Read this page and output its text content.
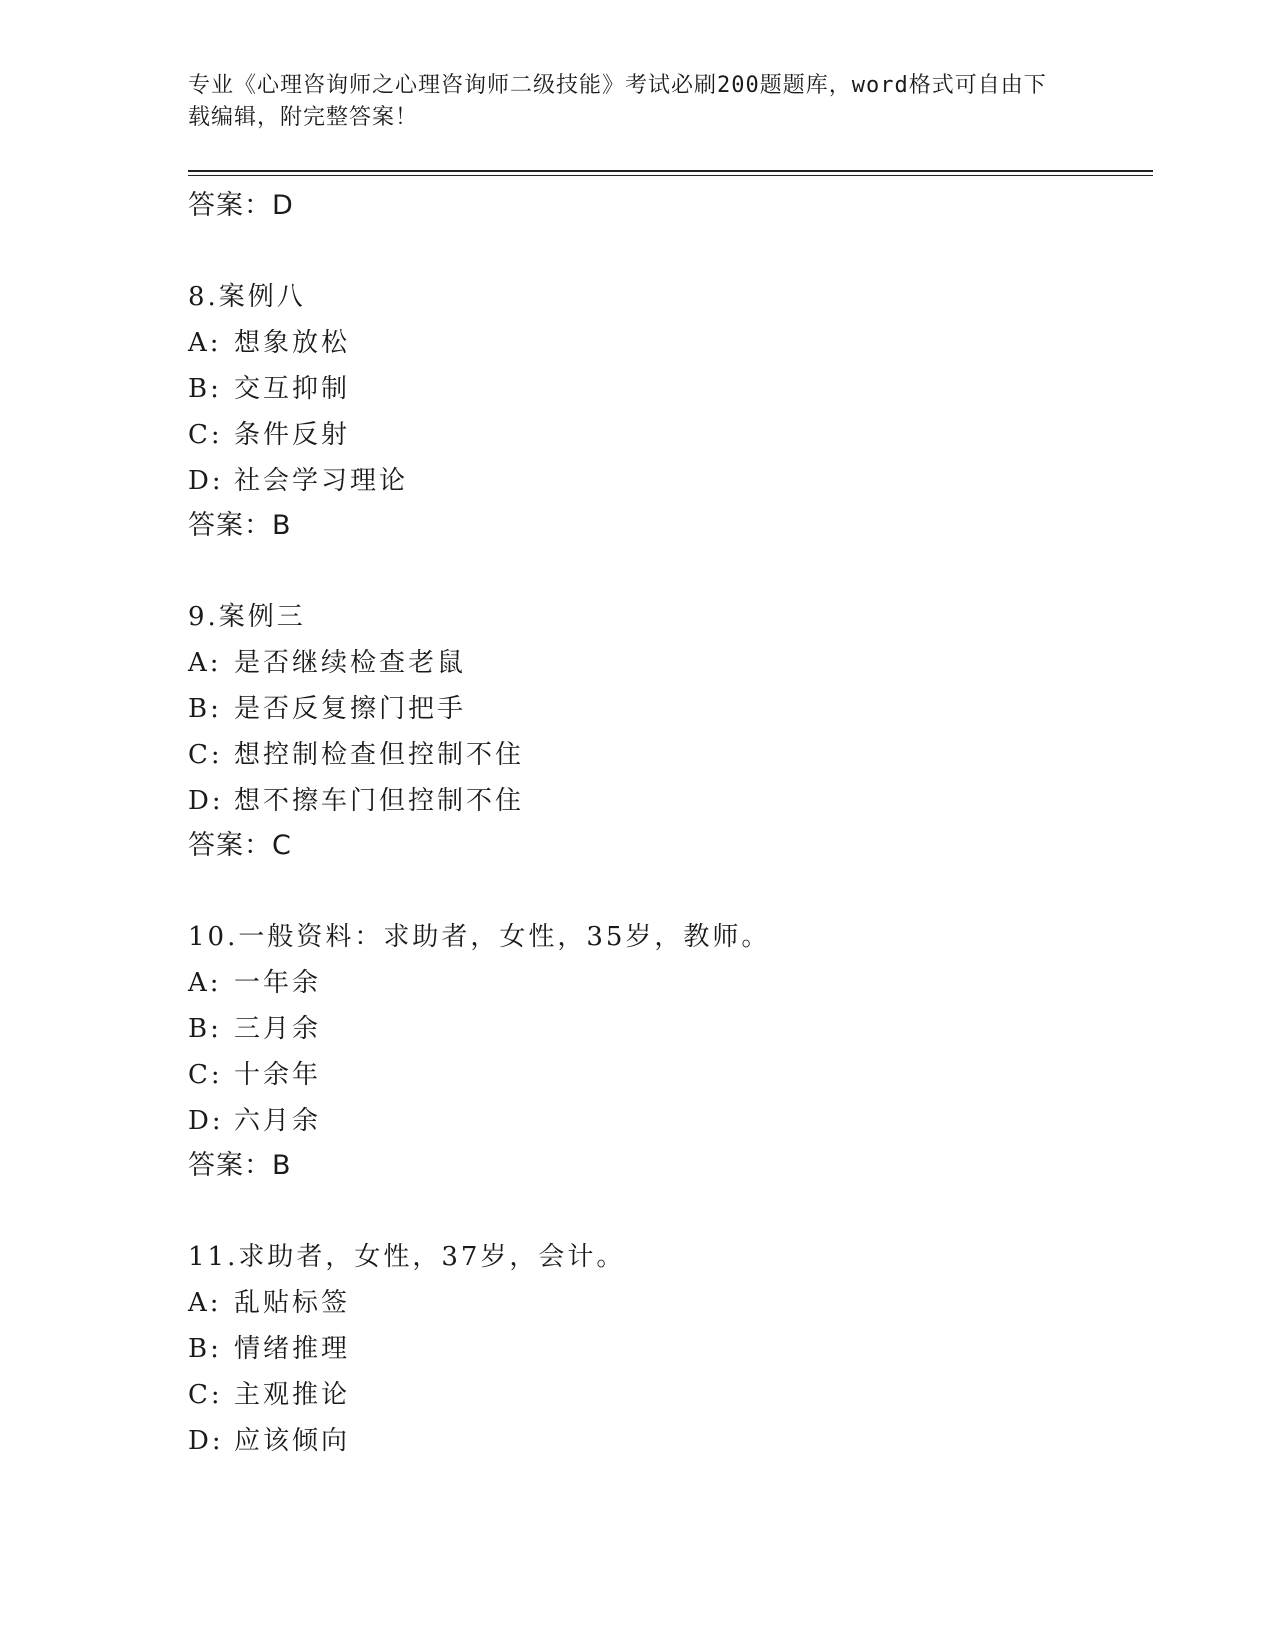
专业《心理咨询师之心理咨询师二级技能》考试必刷200题题库，word格式可自由下载编辑，附完整答案！

答案：D
8.案例八
A: 想象放松
B: 交互抑制
C: 条件反射
D: 社会学习理论
答案：B
9.案例三
A: 是否继续检查老鼠
B: 是否反复擦门把手
C: 想控制检查但控制不住
D: 想不擦车门但控制不住
答案：C
10.一般资料：求助者，女性，35岁，教师。
A: 一年余
B: 三月余
C: 十余年
D: 六月余
答案：B
11.求助者，女性，37岁，会计。
A: 乱贴标签
B: 情绪推理
C: 主观推论
D: 应该倾向
